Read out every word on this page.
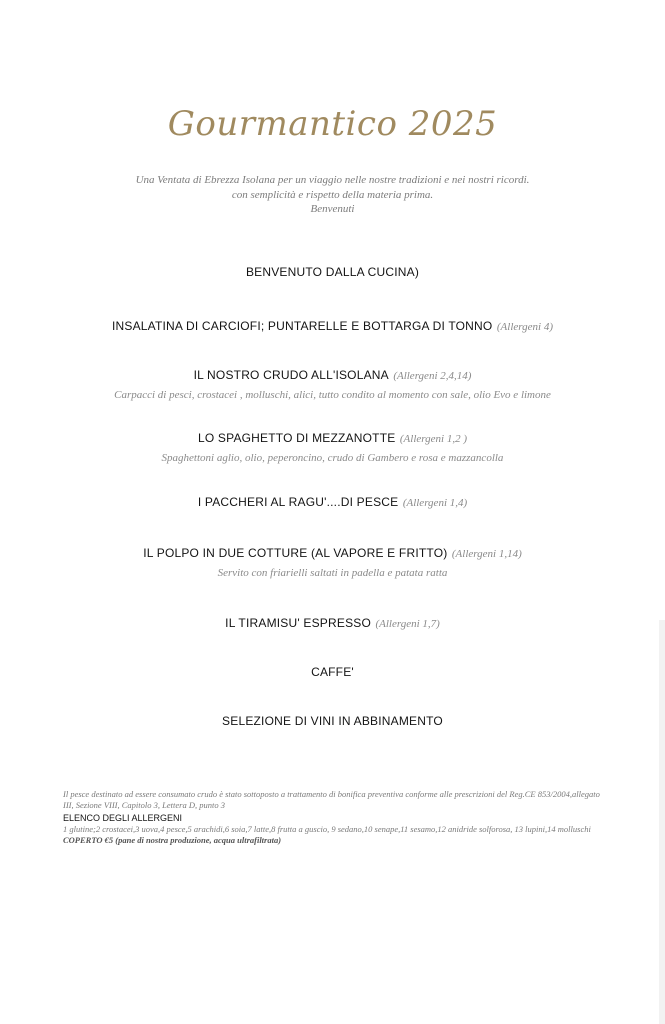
Gourmantico 2025
Una Ventata di Ebrezza Isolana per un viaggio nelle nostre tradizioni e nei nostri ricordi.
con semplicità e rispetto della materia prima.
Benvenuti
BENVENUTO DALLA CUCINA)
INSALATINA DI CARCIOFI; PUNTARELLE E BOTTARGA DI TONNO (Allergeni 4)
IL NOSTRO CRUDO ALL'ISOLANA (Allergeni 2,4,14)
Carpacci di pesci, crostacei , molluschi, alici, tutto condito al momento con sale, olio Evo e limone
LO SPAGHETTO DI MEZZANOTTE (Allergeni 1,2 )
Spaghettoni aglio, olio, peperoncino, crudo di Gambero e rosa e mazzancolla
I PACCHERI AL RAGU'....DI PESCE (Allergeni 1,4)
IL POLPO IN DUE COTTURE (AL VAPORE E FRITTO) (Allergeni 1,14)
Servito con friarielli saltati in padella e patata ratta
IL TIRAMISU' ESPRESSO (Allergeni 1,7)
CAFFE'
SELEZIONE DI VINI IN ABBINAMENTO
Il pesce destinato ad essere consumato crudo è stato sottoposto a trattamento di bonifica preventiva conforme alle prescrizioni del Reg.CE 853/2004,allegato III, Sezione VIII, Capitolo 3, Lettera D, punto 3
ELENCO DEGLI ALLERGENI
1 glutine;2 crostacei,3 uova,4 pesce,5 arachidi,6 soia,7 latte,8 frutta a guscio, 9 sedano,10 senape,11 sesamo,12 anidride solforosa, 13 lupini,14 molluschi
COPERTO €5 (pane di nostra produzione, acqua ultrafiltrata)
